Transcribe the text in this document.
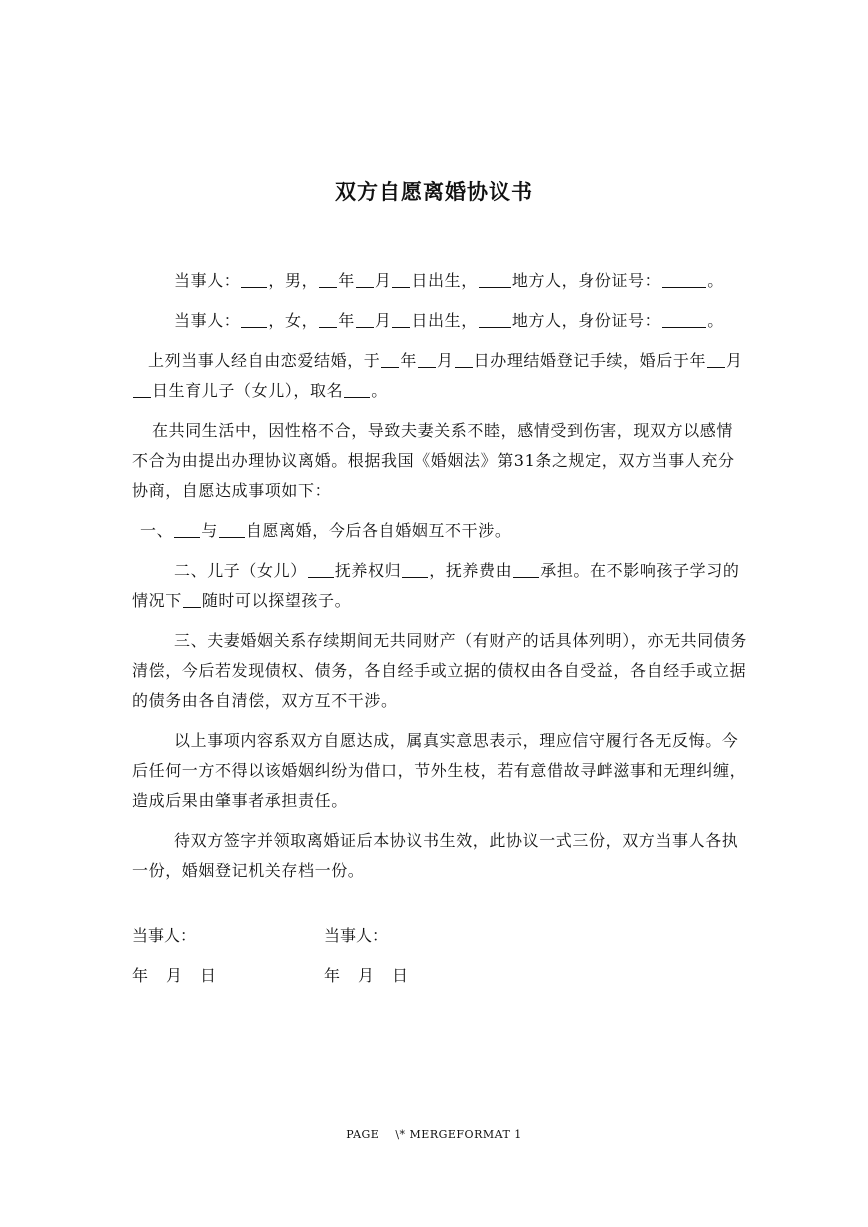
双方自愿离婚协议书

当事人： ，男， 年 月 日出生， 地方人，身份证号：	。

当事人： ，女， 年 月 日出生， 地方人，身份证号：	。

上列当事人经自由恋爱结婚，于 年 月 日办理结婚登记手续，婚后于年 月日生育儿子（女儿），取名 。

在共同生活中，因性格不合，导致夫妻关系不睦，感情受到伤害，现双方以感情不合为由提出办理协议离婚。根据我国《婚姻法》第31条之规定，双方当事人充分协商，自愿达成事项如下：

一、 与 自愿离婚，今后各自婚姻互不干涉。

二、儿子（女儿） 抚养权归 ，抚养费由 承担。在不影响孩子学习的情况下 随时可以探望孩子。

三、夫妻婚姻关系存续期间无共同财产（有财产的话具体列明），亦无共同债务清偿，今后若发现债权、债务，各自经手或立据的债权由各自受益，各自经手或立据的债务由各自清偿，双方互不干涉。

以上事项内容系双方自愿达成，属真实意思表示，理应信守履行各无反悔。今后任何一方不得以该婚姻纠纷为借口，节外生枝，若有意借故寻衅滋事和无理纠缠，造成后果由肇事者承担责任。

待双方签字并领取离婚证后本协议书生效，此协议一式三份，双方当事人各执一份，婚姻登记机关存档一份。

当事人：	当事人：
年 月 日	年 月 日
PAGE    \* MERGEFORMAT 1
